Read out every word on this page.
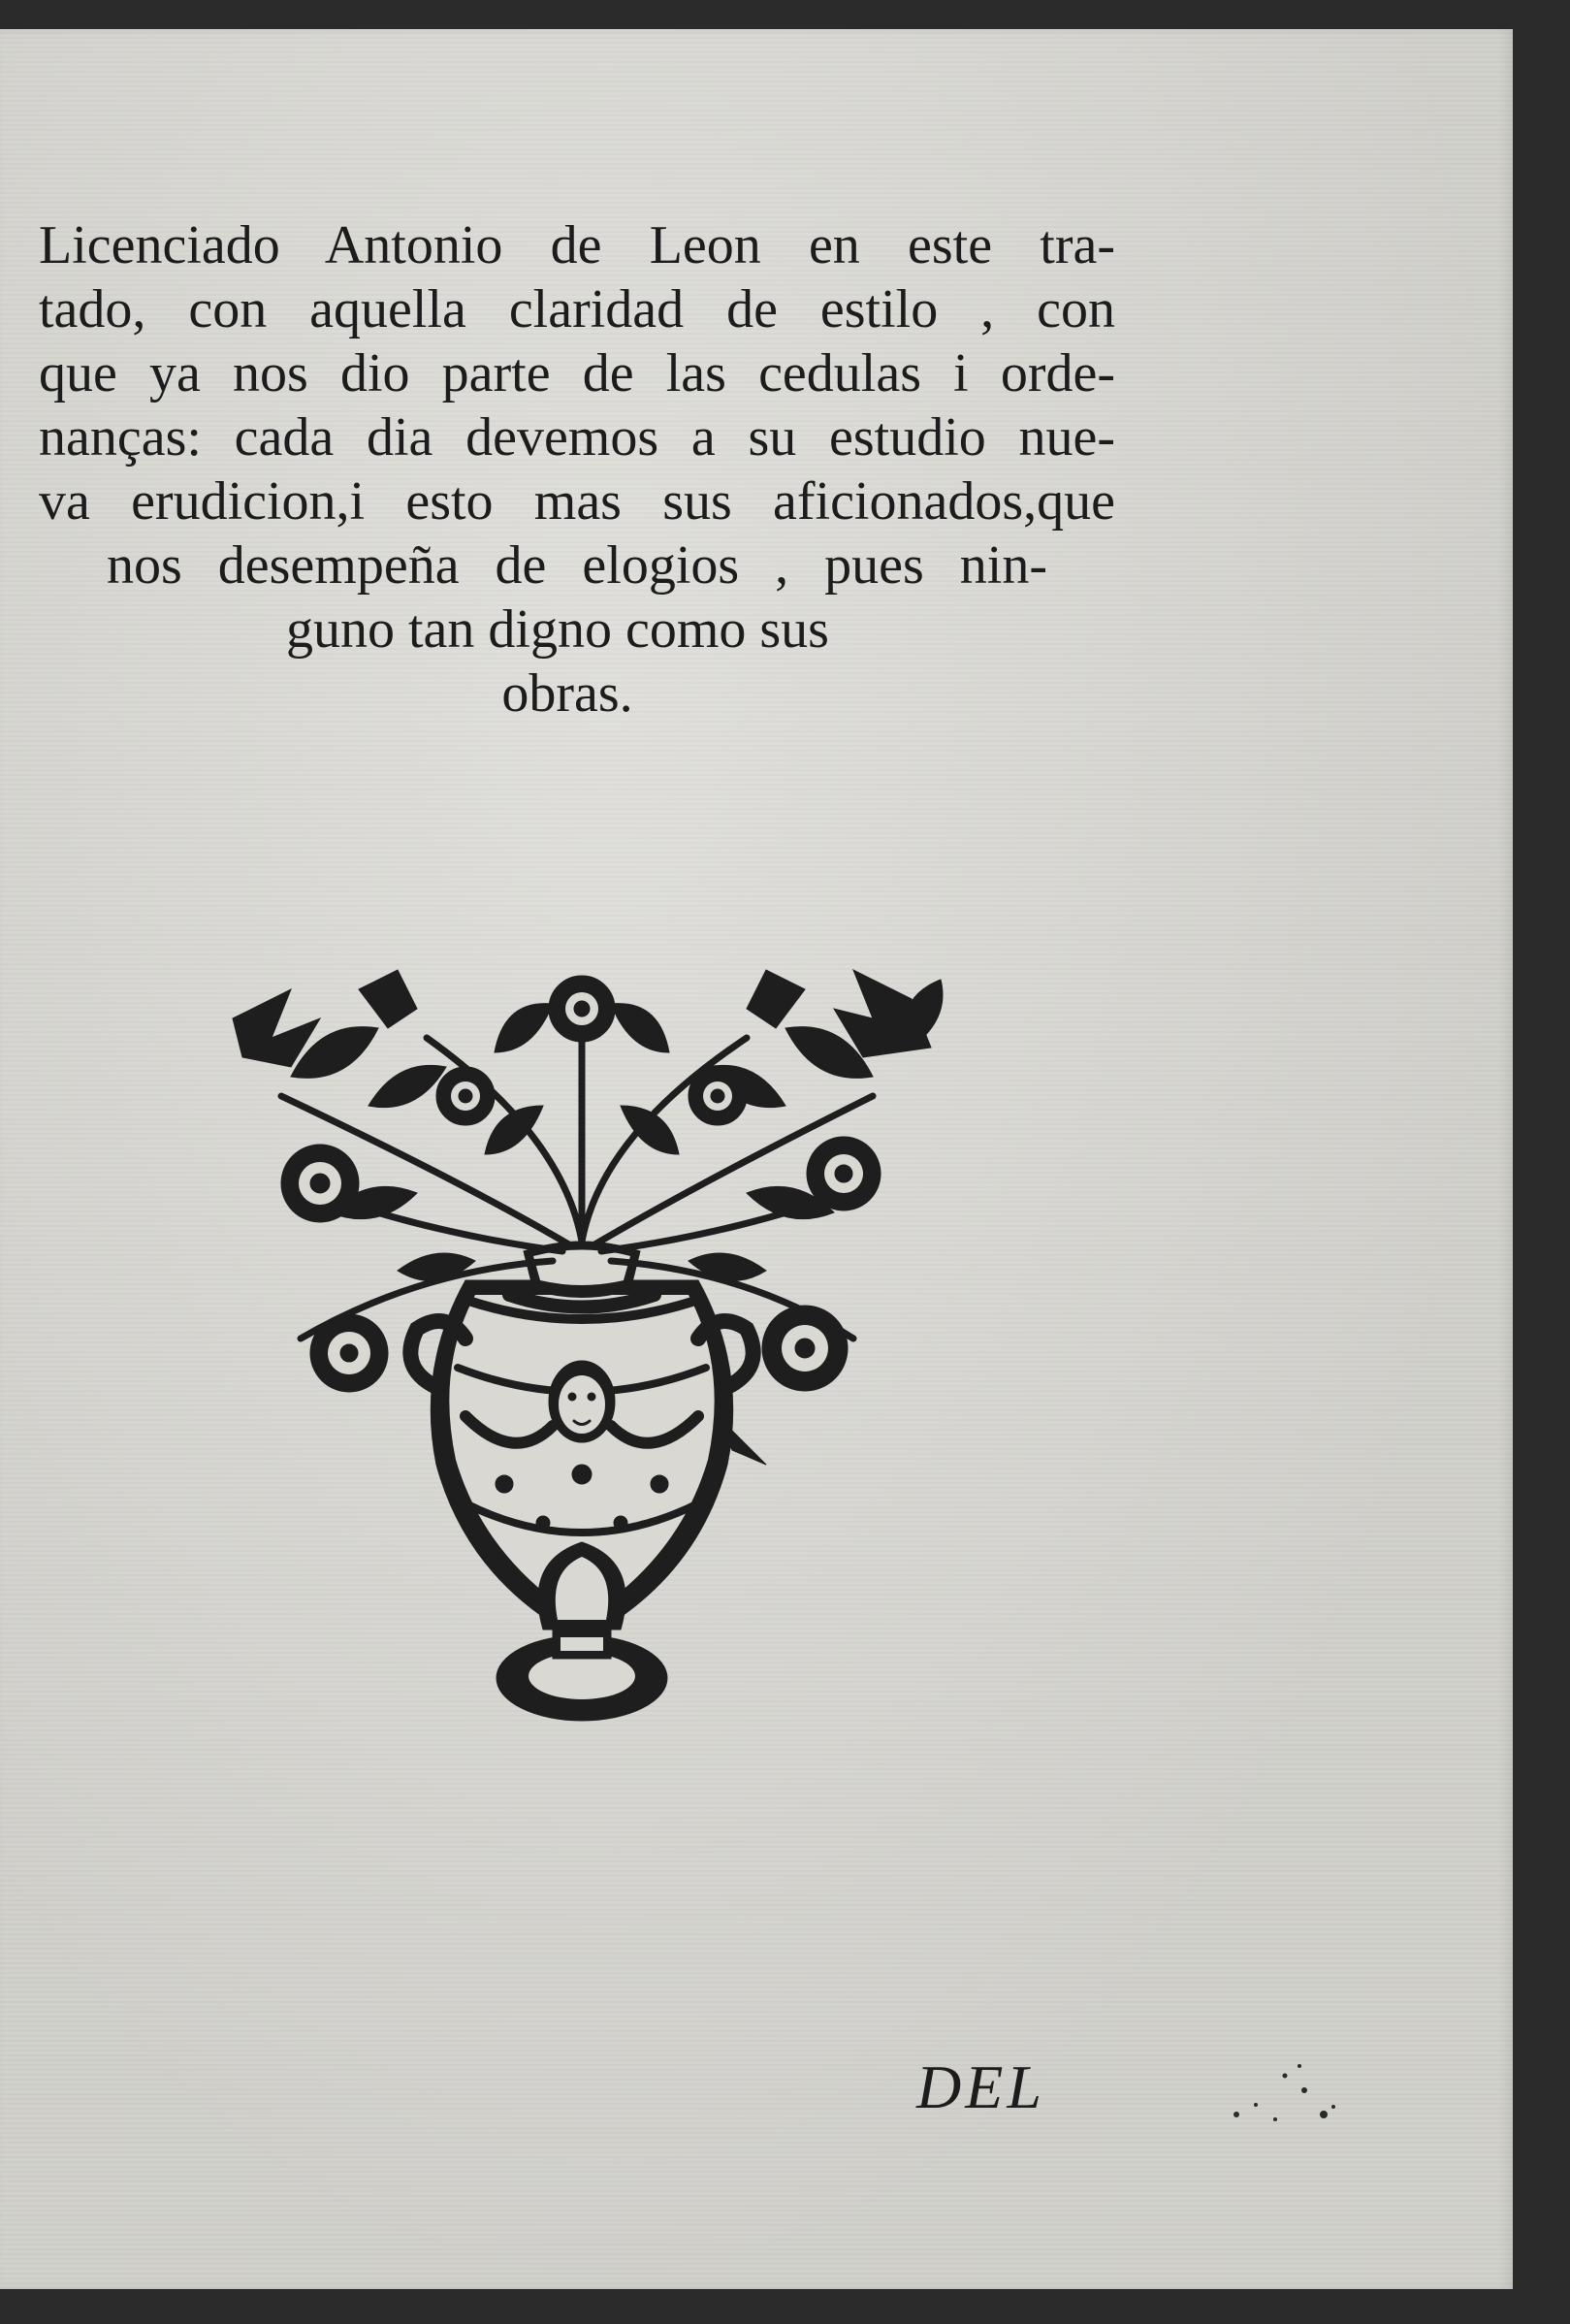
Licenciado Antonio de Leon en este tra-
tado, con aquella claridad de estilo , con
que ya nos dio parte de las cedulas i orde-
nanças: cada dia devemos a su estudio nue-
va erudicion,i esto mas sus aficionados,que
nos desempeña de elogios , pues nin-
guno tan digno como sus
obras.
DEL
